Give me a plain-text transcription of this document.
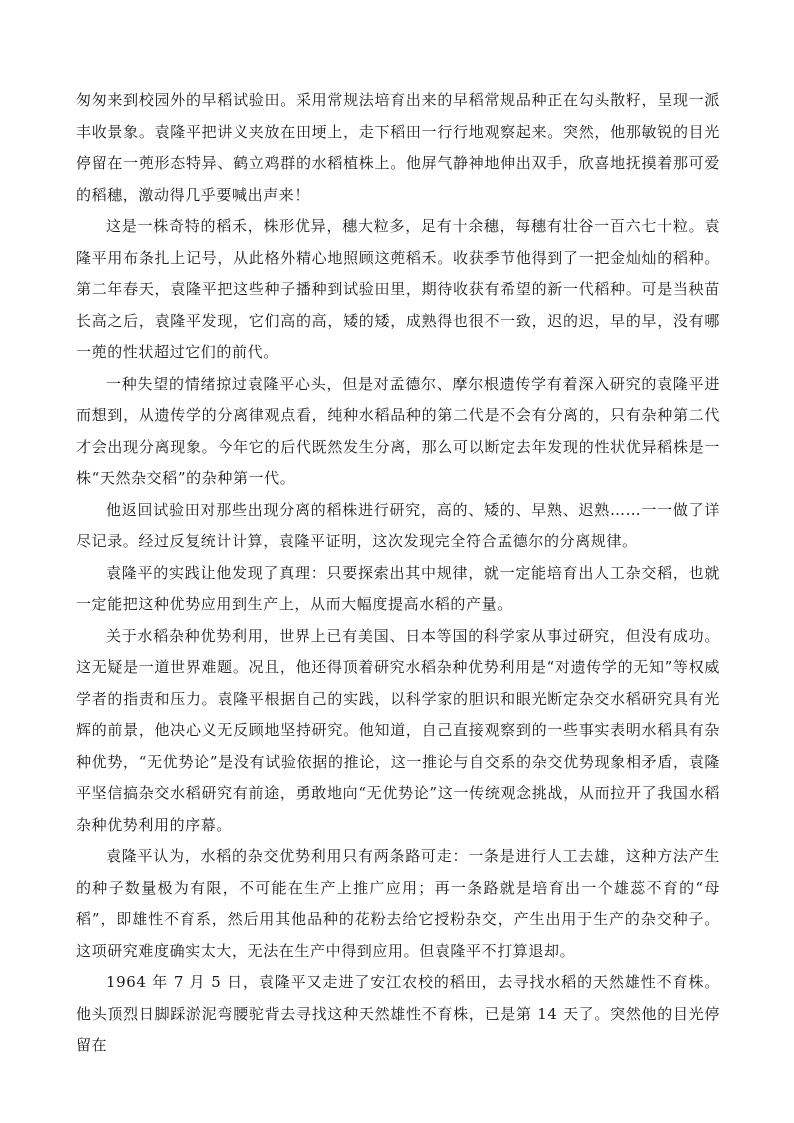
匆匆来到校园外的早稻试验田。采用常规法培育出来的早稻常规品种正在勾头散籽，呈现一派丰收景象。袁隆平把讲义夹放在田埂上，走下稻田一行行地观察起来。突然，他那敏锐的目光停留在一蔸形态特异、鹤立鸡群的水稻植株上。他屏气静神地伸出双手，欣喜地抚摸着那可爱的稻穗，激动得几乎要喊出声来！

这是一株奇特的稻禾，株形优异，穗大粒多，足有十余穗，每穗有壮谷一百六七十粒。袁隆平用布条扎上记号，从此格外精心地照顾这蔸稻禾。收获季节他得到了一把金灿灿的稻种。第二年春天，袁隆平把这些种子播种到试验田里，期待收获有希望的新一代稻种。可是当秧苗长高之后，袁隆平发现，它们高的高，矮的矮，成熟得也很不一致，迟的迟，早的早，没有哪一蔸的性状超过它们的前代。

一种失望的情绪掠过袁隆平心头，但是对孟德尔、摩尔根遗传学有着深入研究的袁隆平进而想到，从遗传学的分离律观点看，纯种水稻品种的第二代是不会有分离的，只有杂种第二代才会出现分离现象。今年它的后代既然发生分离，那么可以断定去年发现的性状优异稻株是一株“天然杂交稻”的杂种第一代。

他返回试验田对那些出现分离的稻株进行研究，高的、矮的、早熟、迟熟……一一做了详尽记录。经过反复统计计算，袁隆平证明，这次发现完全符合孟德尔的分离规律。

袁隆平的实践让他发现了真理：只要探索出其中规律，就一定能培育出人工杂交稻，也就一定能把这种优势应用到生产上，从而大幅度提高水稻的产量。

关于水稻杂种优势利用，世界上已有美国、日本等国的科学家从事过研究，但没有成功。这无疑是一道世界难题。况且，他还得顶着研究水稻杂种优势利用是“对遗传学的无知”等权威学者的指责和压力。袁隆平根据自己的实践，以科学家的胆识和眼光断定杂交水稻研究具有光辉的前景，他决心义无反顾地坚持研究。他知道，自己直接观察到的一些事实表明水稻具有杂种优势，“无优势论”是没有试验依据的推论，这一推论与自交系的杂交优势现象相矛盾，袁隆平坚信搞杂交水稻研究有前途，勇敢地向“无优势论”这一传统观念挑战，从而拉开了我国水稻杂种优势利用的序幕。

袁隆平认为，水稻的杂交优势利用只有两条路可走：一条是进行人工去雄，这种方法产生的种子数量极为有限，不可能在生产上推广应用；再一条路就是培育出一个雄蕊不育的“母稻”，即雄性不育系，然后用其他品种的花粉去给它授粉杂交，产生出用于生产的杂交种子。这项研究难度确实太大，无法在生产中得到应用。但袁隆平不打算退却。

1964 年 7 月 5 日，袁隆平又走进了安江农校的稻田，去寻找水稻的天然雄性不育株。他头顶烈日脚踩淤泥弯腰驼背去寻找这种天然雄性不育株，已是第 14 天了。突然他的目光停留在
